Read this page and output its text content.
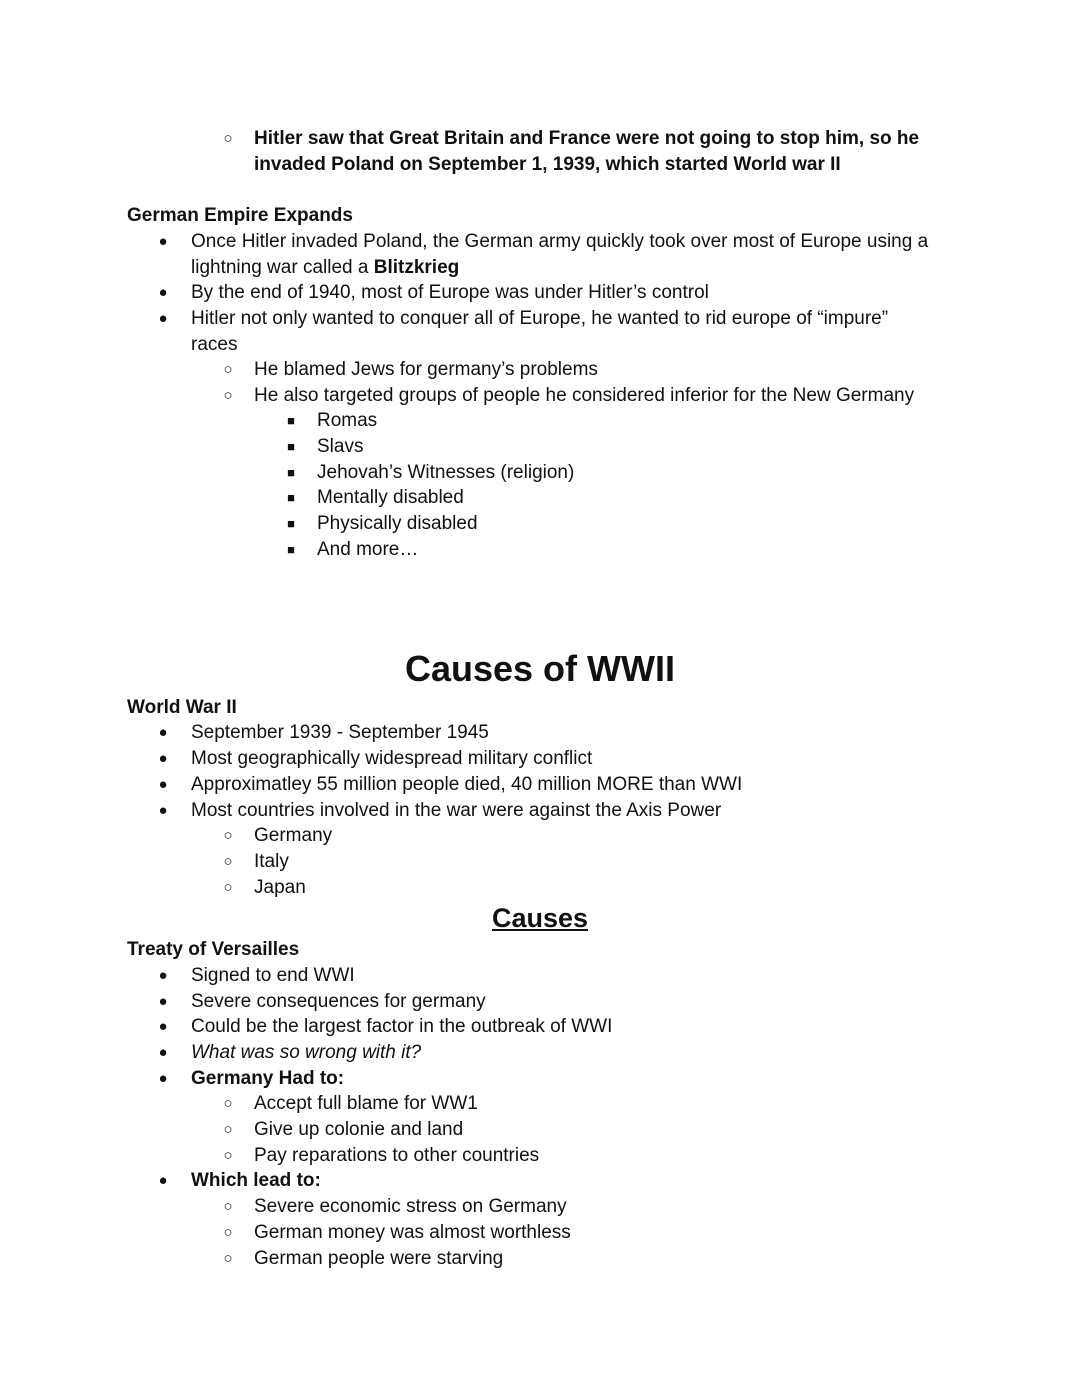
○ Hitler saw that Great Britain and France were not going to stop him, so he
invaded Poland on September 1, 1939, which started World war II
German Empire Expands
● Once Hitler invaded Poland, the German army quickly took over most of Europe using a
lightning war called a Blitzkrieg
● By the end of 1940, most of Europe was under Hitler’s control
● Hitler not only wanted to conquer all of Europe, he wanted to rid europe of “impure”
races
○ He blamed Jews for germany’s problems
○ He also targeted groups of people he considered inferior for the New Germany
■ Romas
■ Slavs
■ Jehovah’s Witnesses (religion)
■ Mentally disabled
■ Physically disabled
■ And more…
Causes of WWII
World War II
● September 1939 - September 1945
● Most geographically widespread military conflict
● Approximatley 55 million people died, 40 million MORE than WWI
● Most countries involved in the war were against the Axis Power
○ Germany
○ Italy
○ Japan
Causes
Treaty of Versailles
● Signed to end WWI
● Severe consequences for germany
● Could be the largest factor in the outbreak of WWI
● What was so wrong with it?
● Germany Had to:
○ Accept full blame for WW1
○ Give up colonie and land
○ Pay reparations to other countries
● Which lead to:
○ Severe economic stress on Germany
○ German money was almost worthless
○ German people were starving
